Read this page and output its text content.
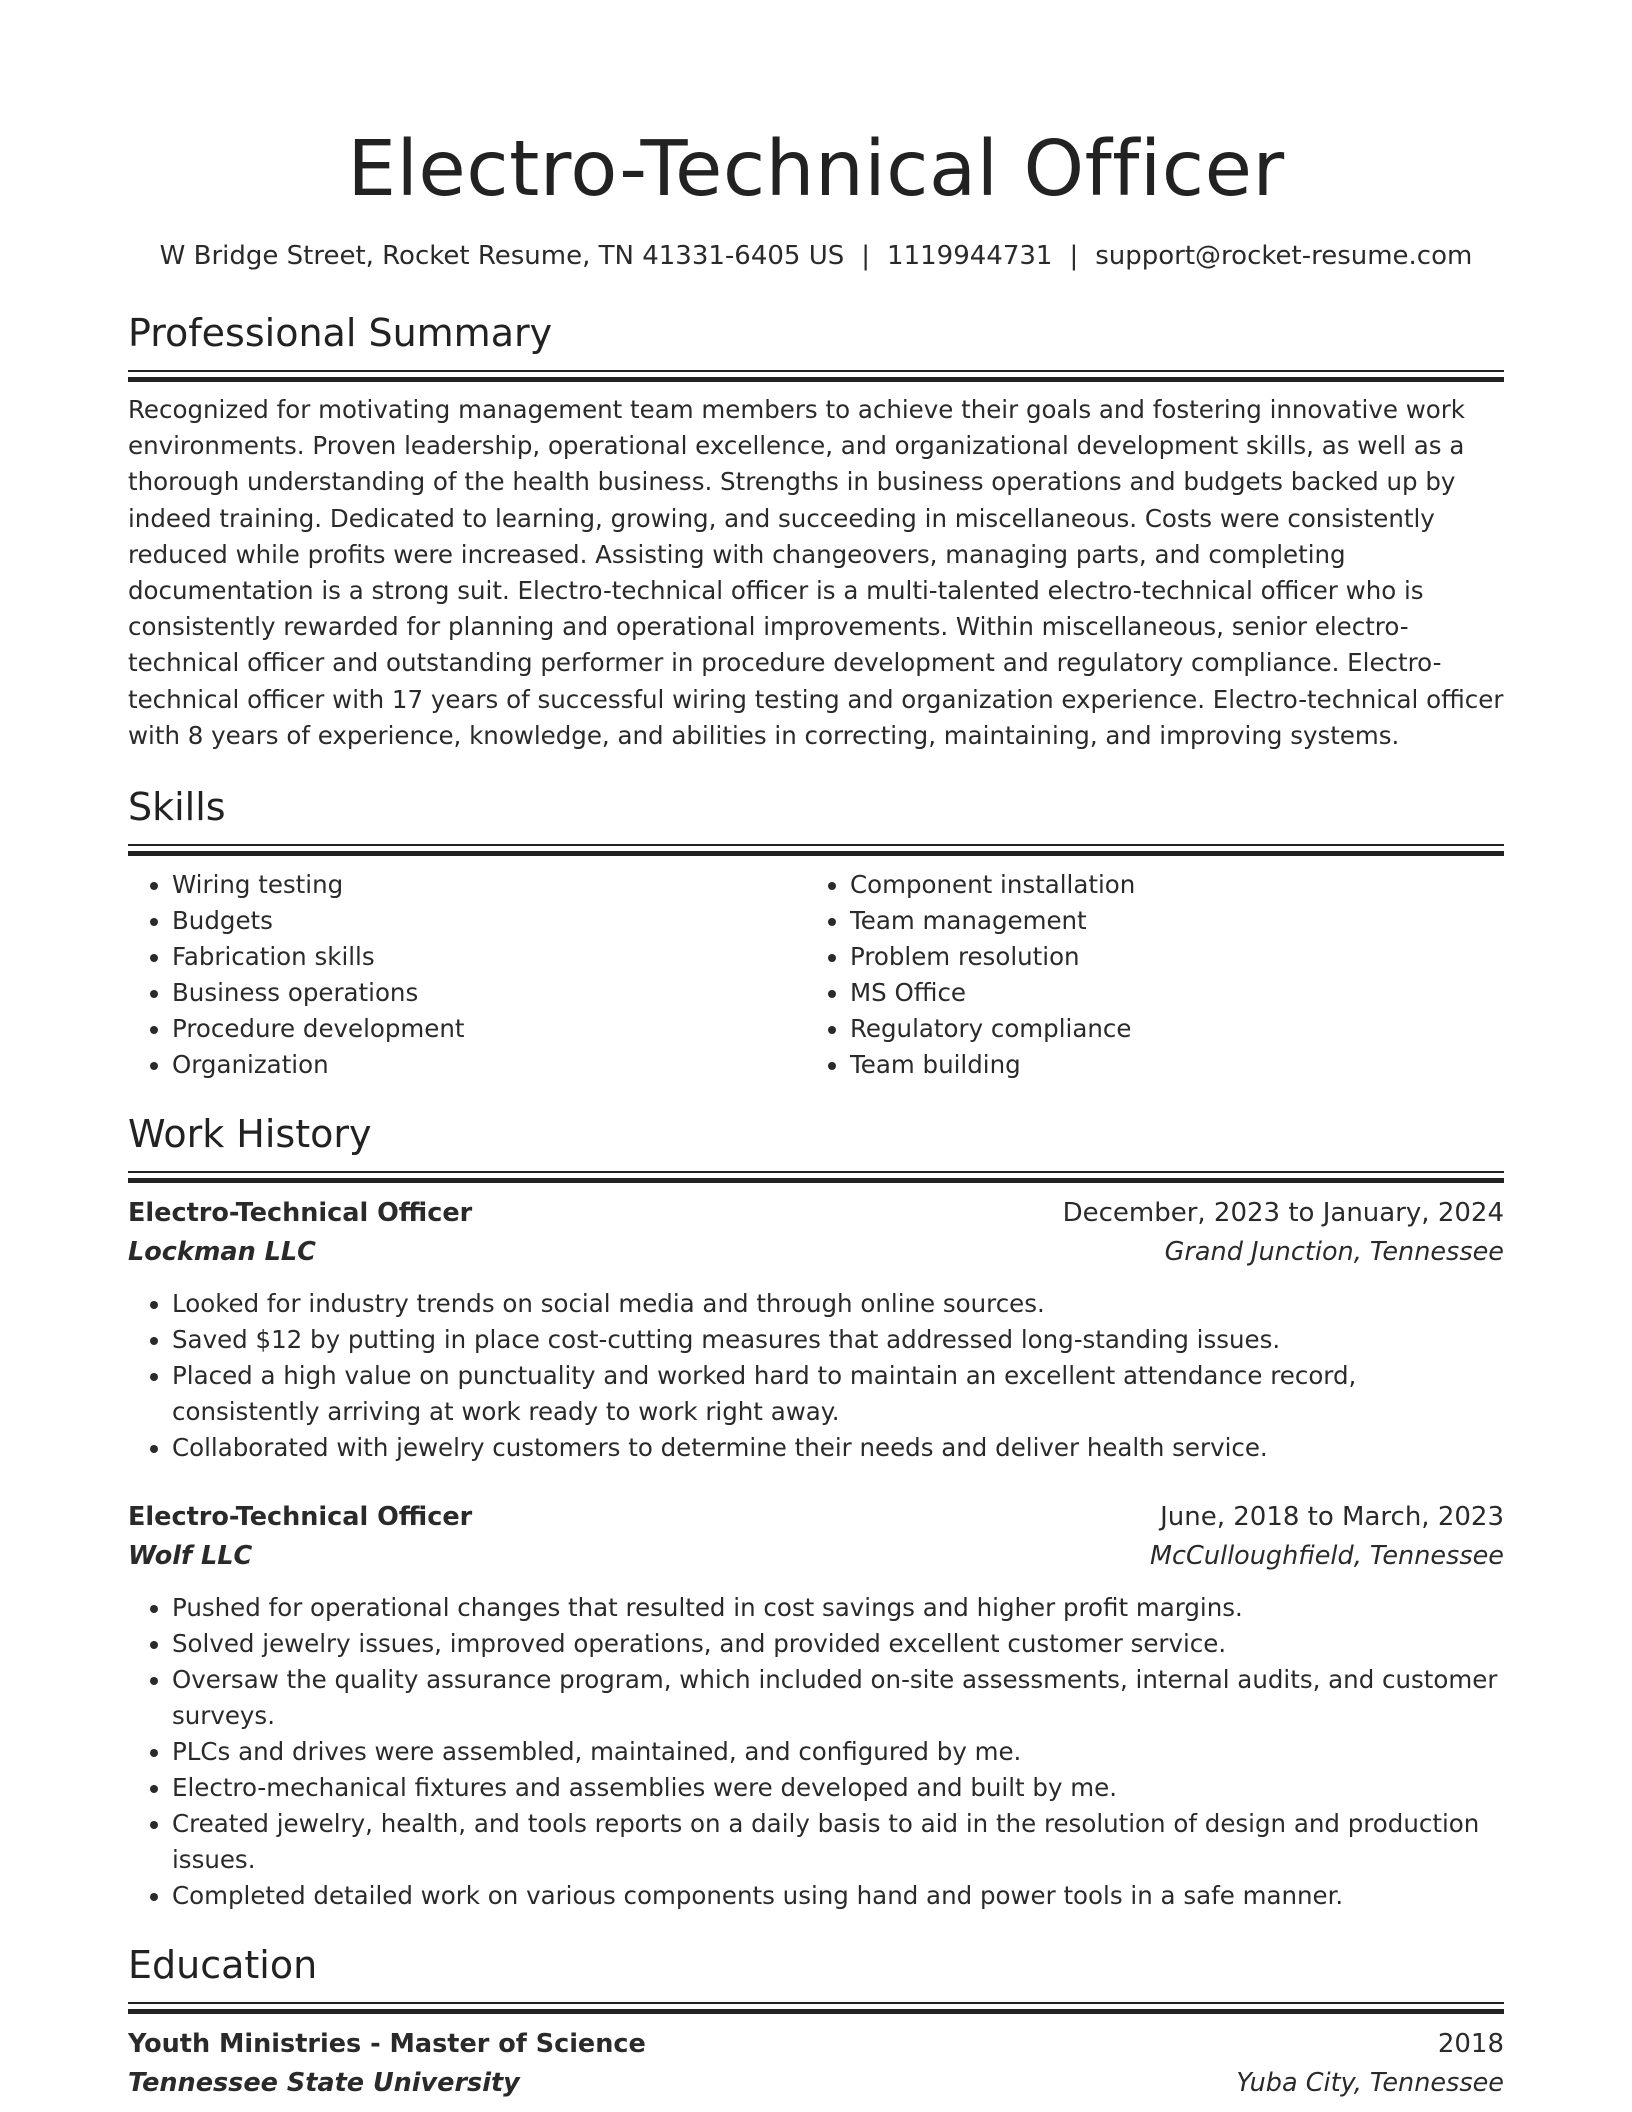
Electro-Technical Officer
W Bridge Street, Rocket Resume, TN 41331-6405 US | 1119944731 | support@rocket-resume.com
Professional Summary

Recognized for motivating management team members to achieve their goals and fostering innovative work environments. Proven leadership, operational excellence, and organizational development skills, as well as a thorough understanding of the health business. Strengths in business operations and budgets backed up by indeed training. Dedicated to learning, growing, and succeeding in miscellaneous. Costs were consistently reduced while profits were increased. Assisting with changeovers, managing parts, and completing documentation is a strong suit. Electro-technical officer is a multi-talented electro-technical officer who is consistently rewarded for planning and operational improvements. Within miscellaneous, senior electro-technical officer and outstanding performer in procedure development and regulatory compliance. Electro-technical officer with 17 years of successful wiring testing and organization experience. Electro-technical officer with 8 years of experience, knowledge, and abilities in correcting, maintaining, and improving systems.

Skills
• Wiring testing
• Budgets
• Fabrication skills
• Business operations
• Procedure development
• Organization
• Component installation
• Team management
• Problem resolution
• MS Office
• Regulatory compliance
• Team building
Work History
Electro-Technical Officer	December, 2023 to January, 2024
Lockman LLC	Grand Junction, Tennessee
• Looked for industry trends on social media and through online sources.
• Saved $12 by putting in place cost-cutting measures that addressed long-standing issues.
• Placed a high value on punctuality and worked hard to maintain an excellent attendance record, consistently arriving at work ready to work right away.
• Collaborated with jewelry customers to determine their needs and deliver health service.
Electro-Technical Officer	June, 2018 to March, 2023
Wolf LLC	McCulloughfield, Tennessee
• Pushed for operational changes that resulted in cost savings and higher profit margins.
• Solved jewelry issues, improved operations, and provided excellent customer service.
• Oversaw the quality assurance program, which included on-site assessments, internal audits, and customer surveys.
• PLCs and drives were assembled, maintained, and configured by me.
• Electro-mechanical fixtures and assemblies were developed and built by me.
• Created jewelry, health, and tools reports on a daily basis to aid in the resolution of design and production issues.
• Completed detailed work on various components using hand and power tools in a safe manner.
Education
Youth Ministries - Master of Science	2018
Tennessee State University	Yuba City, Tennessee
